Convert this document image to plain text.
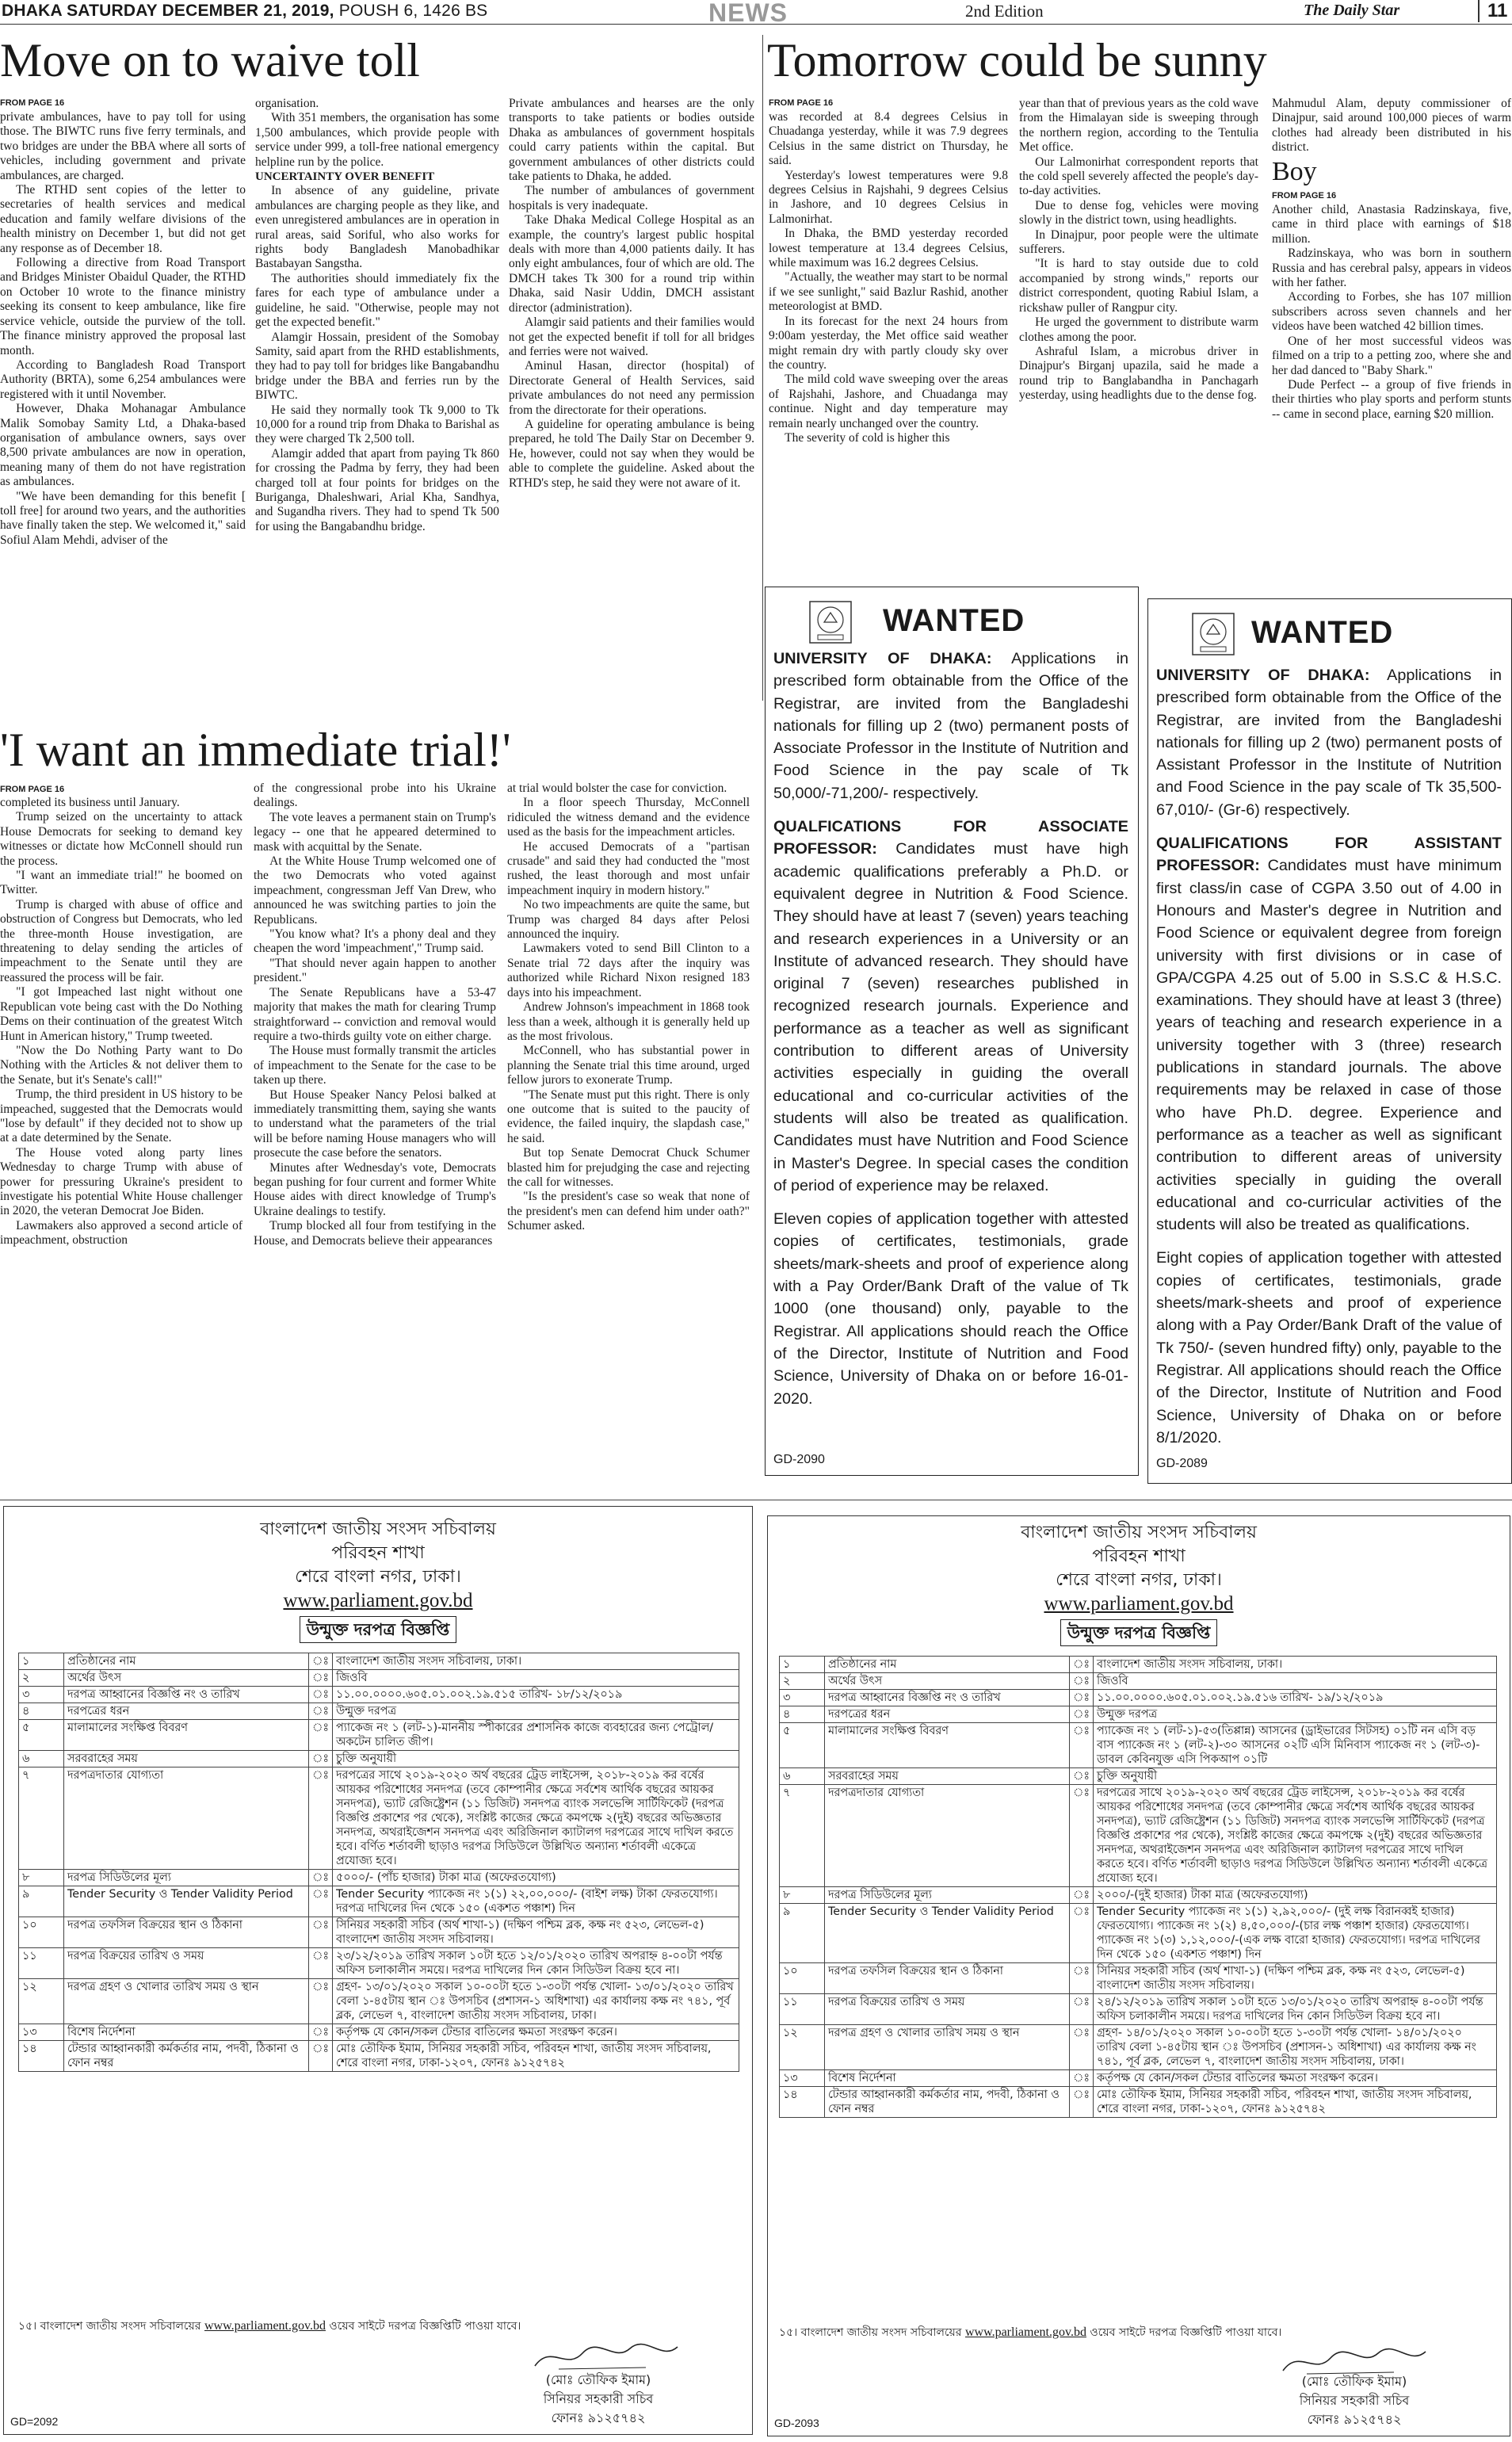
DHAKA SATURDAY DECEMBER 21, 2019, POUSH 6, 1426 BS	NEWS	2nd Edition	The Daily Star	11
Move on to waive toll
FROM PAGE 16

private ambulances, have to pay toll for using those. The BIWTC runs five ferry terminals, and two bridges are under the BBA where all sorts of vehicles, including government and private ambulances, are charged.

The RTHD sent copies of the letter to secretaries of health services and medical education and family welfare divisions of the health ministry on December 1, but did not get any response as of December 18.

Following a directive from Road Transport and Bridges Minister Obaidul Quader, the RTHD on October 10 wrote to the finance ministry seeking its consent to keep ambulance, like fire service vehicle, outside the purview of the toll. The finance ministry approved the proposal last month.

According to Bangladesh Road Transport Authority (BRTA), some 6,254 ambulances were registered with it until November.

However, Dhaka Mohanagar Ambulance Malik Somobay Samity Ltd, a Dhaka-based organisation of ambulance owners, says over 8,500 private ambulances are now in operation, meaning many of them do not have registration as ambulances.

"We have been demanding for this benefit [ toll free] for around two years, and the authorities have finally taken the step. We welcomed it," said Sofiul Alam Mehdi, adviser of the

organisation.

With 351 members, the organisation has some 1,500 ambulances, which provide people with service under 999, a toll-free national emergency helpline run by the police.

UNCERTAINTY OVER BENEFIT

In absence of any guideline, private ambulances are charging people as they like, and even unregistered ambulances are in operation in rural areas, said Soriful, who also works for rights body Bangladesh Manobadhikar Bastabayan Sangstha.

The authorities should immediately fix the fares for each type of ambulance under a guideline, he said. "Otherwise, people may not get the expected benefit."

Alamgir Hossain, president of the Somobay Samity, said apart from the RHD establishments, they had to pay toll for bridges like Bangabandhu bridge under the BBA and ferries run by the BIWTC.

He said they normally took Tk 9,000 to Tk 10,000 for a round trip from Dhaka to Barishal as they were charged Tk 2,500 toll.

Alamgir added that apart from paying Tk 860 for crossing the Padma by ferry, they had been charged toll at four points for bridges on the Buriganga, Dhaleshwari, Arial Kha, Sandhya, and Sugandha rivers. They had to spend Tk 500 for using the Bangabandhu bridge.

Private ambulances and hearses are the only transports to take patients or bodies outside Dhaka as ambulances of government hospitals could carry patients within the capital. But government ambulances of other districts could take patients to Dhaka, he added.

The number of ambulances of government hospitals is very inadequate.

Take Dhaka Medical College Hospital as an example, the country's largest public hospital deals with more than 4,000 patients daily. It has only eight ambulances, four of which are old. The DMCH takes Tk 300 for a round trip within Dhaka, said Nasir Uddin, DMCH assistant director (administration).

Alamgir said patients and their families would not get the expected benefit if toll for all bridges and ferries were not waived.

Aminul Hasan, director (hospital) of Directorate General of Health Services, said private ambulances do not need any permission from the directorate for their operations.

A guideline for operating ambulance is being prepared, he told The Daily Star on December 9. He, however, could not say when they would be able to complete the guideline. Asked about the RTHD's step, he said they were not aware of it.

Tomorrow could be sunny
FROM PAGE 16

was recorded at 8.4 degrees Celsius in Chuadanga yesterday, while it was 7.9 degrees Celsius in the same district on Thursday, he said.

Yesterday's lowest temperatures were 9.8 degrees Celsius in Rajshahi, 9 degrees Celsius in Jashore, and 10 degrees Celsius in Lalmonirhat.

In Dhaka, the BMD yesterday recorded lowest temperature at 13.4 degrees Celsius, while maximum was 16.2 degrees Celsius.

"Actually, the weather may start to be normal if we see sunlight," said Bazlur Rashid, another meteorologist at BMD.

In its forecast for the next 24 hours from 9:00am yesterday, the Met office said weather might remain dry with partly cloudy sky over the country.

The mild cold wave sweeping over the areas of Rajshahi, Jashore, and Chuadanga may continue. Night and day temperature may remain nearly unchanged over the country.

The severity of cold is higher this

year than that of previous years as the cold wave from the Himalayan side is sweeping through the northern region, according to the Tentulia Met office.

Our Lalmonirhat correspondent reports that the cold spell severely affected the people's day-to-day activities.

Due to dense fog, vehicles were moving slowly in the district town, using headlights.

In Dinajpur, poor people were the ultimate sufferers.

"It is hard to stay outside due to cold accompanied by strong winds," reports our district correspondent, quoting Rabiul Islam, a rickshaw puller of Rangpur city.

He urged the government to distribute warm clothes among the poor.

Ashraful Islam, a microbus driver in Dinajpur's Birganj upazila, said he made a round trip to Banglabandha in Panchagarh yesterday, using headlights due to the dense fog.

Mahmudul Alam, deputy commissioner of Dinajpur, said around 100,000 pieces of warm clothes had already been distributed in his district.

Boy
FROM PAGE 16

Another child, Anastasia Radzinskaya, five, came in third place with earnings of $18 million.

Radzinskaya, who was born in southern Russia and has cerebral palsy, appears in videos with her father.

According to Forbes, she has 107 million subscribers across seven channels and her videos have been watched 42 billion times.

One of her most successful videos was filmed on a trip to a petting zoo, where she and her dad danced to "Baby Shark."

Dude Perfect -- a group of five friends in their thirties who play sports and perform stunts -- came in second place, earning $20 million.

WANTED

UNIVERSITY OF DHAKA: Applications in prescribed form obtainable from the Office of the Registrar, are invited from the Bangladeshi nationals for filling up 2 (two) permanent posts of Associate Professor in the Institute of Nutrition and Food Science in the pay scale of Tk 50,000/-71,200/- respectively.

QUALFICATIONS FOR ASSOCIATE PROFESSOR: Candidates must have high academic qualifications preferably a Ph.D. or equivalent degree in Nutrition & Food Science. They should have at least 7 (seven) years teaching and research experiences in a University or an Institute of advanced research. They should have original 7 (seven) researches published in recognized research journals. Experience and performance as a teacher as well as significant contribution to different areas of University activities especially in guiding the overall educational and co-curricular activities of the students will also be treated as qualification. Candidates must have Nutrition and Food Science in Master's Degree. In special cases the condition of period of experience may be relaxed.

Eleven copies of application together with attested copies of certificates, testimonials, grade sheets/mark-sheets and proof of experience along with a Pay Order/Bank Draft of the value of Tk 1000 (one thousand) only, payable to the Registrar. All applications should reach the Office of the Director, Institute of Nutrition and Food Science, University of Dhaka on or before 16-01-2020.

GD-2090
WANTED

UNIVERSITY OF DHAKA: Applications in prescribed form obtainable from the Office of the Registrar, are invited from the Bangladeshi nationals for filling up 2 (two) permanent posts of Assistant Professor in the Institute of Nutrition and Food Science in the pay scale of Tk 35,500-67,010/- (Gr-6) respectively.

QUALIFICATIONS FOR ASSISTANT PROFESSOR: Candidates must have minimum first class/in case of CGPA 3.50 out of 4.00 in Honours and Master's degree in Nutrition and Food Science or equivalent degree from foreign university with first divisions or in case of GPA/CGPA 4.25 out of 5.00 in S.S.C & H.S.C. examinations. They should have at least 3 (three) years of teaching and research experience in a university together with 3 (three) research publications in standard journals. The above requirements may be relaxed in case of those who have Ph.D. degree. Experience and performance as a teacher as well as significant contribution to different areas of university activities specially in guiding the overall educational and co-curricular activities of the students will also be treated as qualifications.

Eight copies of application together with attested copies of certificates, testimonials, grade sheets/mark-sheets and proof of experience along with a Pay Order/Bank Draft of the value of Tk 750/- (seven hundred fifty) only, payable to the Registrar. All applications should reach the Office of the Director, Institute of Nutrition and Food Science, University of Dhaka on or before 8/1/2020.

GD-2089
'I want an immediate trial!'
FROM PAGE 16

completed its business until January.

Trump seized on the uncertainty to attack House Democrats for seeking to demand key witnesses or dictate how McConnell should run the process.

"I want an immediate trial!" he boomed on Twitter.

Trump is charged with abuse of office and obstruction of Congress but Democrats, who led the three-month House investigation, are threatening to delay sending the articles of impeachment to the Senate until they are reassured the process will be fair.

"I got Impeached last night without one Republican vote being cast with the Do Nothing Dems on their continuation of the greatest Witch Hunt in American history," Trump tweeted.

"Now the Do Nothing Party want to Do Nothing with the Articles & not deliver them to the Senate, but it's Senate's call!"

Trump, the third president in US history to be impeached, suggested that the Democrats would "lose by default" if they decided not to show up at a date determined by the Senate.

The House voted along party lines Wednesday to charge Trump with abuse of power for pressuring Ukraine's president to investigate his potential White House challenger in 2020, the veteran Democrat Joe Biden.

Lawmakers also approved a second article of impeachment, obstruction

of the congressional probe into his Ukraine dealings.

The vote leaves a permanent stain on Trump's legacy -- one that he appeared determined to mask with acquittal by the Senate.

At the White House Trump welcomed one of the two Democrats who voted against impeachment, congressman Jeff Van Drew, who announced he was switching parties to join the Republicans.

"You know what? It's a phony deal and they cheapen the word 'impeachment'," Trump said.

"That should never again happen to another president."

The Senate Republicans have a 53-47 majority that makes the math for clearing Trump straightforward -- conviction and removal would require a two-thirds guilty vote on either charge.

The House must formally transmit the articles of impeachment to the Senate for the case to be taken up there.

But House Speaker Nancy Pelosi balked at immediately transmitting them, saying she wants to understand what the parameters of the trial will be before naming House managers who will prosecute the case before the senators.

Minutes after Wednesday's vote, Democrats began pushing for four current and former White House aides with direct knowledge of Trump's Ukraine dealings to testify.

Trump blocked all four from testifying in the House, and Democrats believe their appearances

at trial would bolster the case for conviction.

In a floor speech Thursday, McConnell ridiculed the witness demand and the evidence used as the basis for the impeachment articles.

He accused Democrats of a "partisan crusade" and said they had conducted the "most rushed, the least thorough and most unfair impeachment inquiry in modern history."

No two impeachments are quite the same, but Trump was charged 84 days after Pelosi announced the inquiry.

Lawmakers voted to send Bill Clinton to a Senate trial 72 days after the inquiry was authorized while Richard Nixon resigned 183 days into his impeachment.

Andrew Johnson's impeachment in 1868 took less than a week, although it is generally held up as the most frivolous.

McConnell, who has substantial power in planning the Senate trial this time around, urged fellow jurors to exonerate Trump.

"The Senate must put this right. There is only one outcome that is suited to the paucity of evidence, the failed inquiry, the slapdash case," he said.

But top Senate Democrat Chuck Schumer blasted him for prejudging the case and rejecting the call for witnesses.

"Is the president's case so weak that none of the president's men can defend him under oath?" Schumer asked.

বাংলাদেশ জাতীয় সংসদ সচিবালয়
পরিবহন শাখা
শেরে বাংলা নগর, ঢাকা।
www.parliament.gov.bd
উন্মুক্ত দরপত্র বিজ্ঞপ্তি
১	প্রতিষ্ঠানের নাম	ঃ	বাংলাদেশ জাতীয় সংসদ সচিবালয়, ঢাকা।
২	অর্থের উৎস	ঃ	জিওবি
৩	দরপত্র আহ্বানের বিজ্ঞপ্তি নং ও তারিখ	ঃ	১১.০০.০০০০.৬০৫.০১.০০২.১৯.৫১৫ তারিখ- ১৮/১২/২০১৯
৪	দরপত্রের ধরন	ঃ	উন্মুক্ত দরপত্র
৫	মালামালের সংক্ষিপ্ত বিবরণ	ঃ	প্যাকেজ নং ১ (লট-১)-মাননীয় স্পীকারের প্রশাসনিক কাজে ব্যবহারের জন্য পেট্রোল/অকটেন চালিত জীপ।
৬	সরবরাহের সময়	ঃ	চুক্তি অনুযায়ী
৭	দরপত্রদাতার যোগ্যতা	ঃ	দরপত্রের সাথে ২০১৯-২০২০ অর্থ বছরের ট্রেড লাইসেন্স, ২০১৮-২০১৯ কর বর্ষের আয়কর পরিশোধের সনদপত্র (তবে কোম্পানীর ক্ষেত্রে সর্বশেষ আর্থিক বছরের আয়কর সনদপত্র), ভ্যাট রেজিষ্ট্রেশন (১১ ডিজিট) সনদপত্র ব্যাংক সলভেন্সি সার্টিফিকেট (দরপত্র বিজ্ঞপ্তি প্রকাশের পর থেকে), সংশ্লিষ্ট কাজের ক্ষেত্রে কমপক্ষে ২(দুই) বছরের অভিজ্ঞতার সনদপত্র, অথরাইজেশন সনদপত্র এবং অরিজিনাল ক্যাটালগ দরপত্রের সাথে দাখিল করতে হবে। বর্ণিত শর্তাবলী ছাড়াও দরপত্র সিডিউলে উল্লিখিত অন্যান্য শর্তাবলী একেত্রে প্রযোজ্য হবে।
৮	দরপত্র সিডিউলের মূল্য	ঃ	৫০০০/- (পাঁচ হাজার) টাকা মাত্র (অফেরতযোগ্য)
৯	Tender Security ও Tender Validity Period	ঃ	Tender Security প্যাকেজ নং ১(১) ২২,০০,০০০/- (বাইশ লক্ষ) টাকা ফেরতযোগ্য। দরপত্র দাখিলের দিন থেকে ১৫০ (একশত পঞ্চাশ) দিন
১০	দরপত্র তফসিল বিক্রয়ের স্থান ও ঠিকানা	ঃ	সিনিয়র সহকারী সচিব (অর্থ শাখা-১) (দক্ষিণ পশ্চিম ব্লক, কক্ষ নং ৫২৩, লেভেল-৫) বাংলাদেশ জাতীয় সংসদ সচিবালয়।
১১	দরপত্র বিক্রয়ের তারিখ ও সময়	ঃ	২৩/১২/২০১৯ তারিখ সকাল ১০টা হতে ১২/০১/২০২০ তারিখ অপরাহ্ন ৪-০০টা পর্যন্ত অফিস চলাকালীন সময়ে। দরপত্র দাখিলের দিন কোন সিডিউল বিক্রয় হবে না।
১২	দরপত্র গ্রহণ ও খোলার তারিখ সময় ও স্থান	ঃ	গ্রহণ- ১৩/০১/২০২০ সকাল ১০-০০টা হতে ১-৩০টা পর্যন্ত খোলা- ১৩/০১/২০২০ তারিখ বেলা ১-৪৫টায় স্থান ঃ উপসচিব (প্রশাসন-১ অধিশাখা) এর কার্যালয় কক্ষ নং ৭৪১, পূর্ব ব্লক, লেভেল ৭, বাংলাদেশ জাতীয় সংসদ সচিবালয়, ঢাকা।
১৩	বিশেষ নির্দেশনা	ঃ	কর্তৃপক্ষ যে কোন/সকল টেন্ডার বাতিলের ক্ষমতা সংরক্ষণ করেন।
১৪	টেন্ডার আহ্বানকারী কর্মকর্তার নাম, পদবী, ঠিকানা ও ফোন নম্বর	ঃ	মোঃ তৌফিক ইমাম, সিনিয়র সহকারী সচিব, পরিবহন শাখা, জাতীয় সংসদ সচিবালয়, শেরে বাংলা নগর, ঢাকা-১২০৭, ফোনঃ ৯১২৫৭৪২
১৫। বাংলাদেশ জাতীয় সংসদ সচিবালয়ের www.parliament.gov.bd ওয়েব সাইটে দরপত্র বিজ্ঞপ্তিটি পাওয়া যাবে।
(মোঃ তৌফিক ইমাম)
সিনিয়র সহকারী সচিব
ফোনঃ ৯১২৫৭৪২
GD=2092
বাংলাদেশ জাতীয় সংসদ সচিবালয়
পরিবহন শাখা
শেরে বাংলা নগর, ঢাকা।
www.parliament.gov.bd
উন্মুক্ত দরপত্র বিজ্ঞপ্তি
১	প্রতিষ্ঠানের নাম	ঃ	বাংলাদেশ জাতীয় সংসদ সচিবালয়, ঢাকা।
২	অর্থের উৎস	ঃ	জিওবি
৩	দরপত্র আহ্বানের বিজ্ঞপ্তি নং ও তারিখ	ঃ	১১.০০.০০০০.৬০৫.০১.০০২.১৯.৫১৬ তারিখ- ১৯/১২/২০১৯
৪	দরপত্রের ধরন	ঃ	উন্মুক্ত দরপত্র
৫	মালামালের সংক্ষিপ্ত বিবরণ	ঃ	প্যাকেজ নং ১ (লট-১)-৫৩(তিপ্পান্ন) আসনের (ড্রাইভারের সিটসহ) ০১টি নন এসি বড় বাস প্যাকেজ নং ১ (লট-২)-৩০ আসনের ০২টি এসি মিনিবাস প্যাকেজ নং ১ (লট-৩)-ডাবল কেবিনযুক্ত এসি পিকআপ ০১টি
৬	সরবরাহের সময়	ঃ	চুক্তি অনুযায়ী
৭	দরপত্রদাতার যোগ্যতা	ঃ	দরপত্রের সাথে ২০১৯-২০২০ অর্থ বছরের ট্রেড লাইসেন্স, ২০১৮-২০১৯ কর বর্ষের আয়কর পরিশোধের সনদপত্র (তবে কোম্পানীর ক্ষেত্রে সর্বশেষ আর্থিক বছরের আয়কর সনদপত্র), ভ্যাট রেজিষ্ট্রেশন (১১ ডিজিট) সনদপত্র ব্যাংক সলভেন্সি সার্টিফিকেট (দরপত্র বিজ্ঞপ্তি প্রকাশের পর থেকে), সংশ্লিষ্ট কাজের ক্ষেত্রে কমপক্ষে ২(দুই) বছরের অভিজ্ঞতার সনদপত্র, অথরাইজেশন সনদপত্র এবং অরিজিনাল ক্যাটালগ দরপত্রের সাথে দাখিল করতে হবে। বর্ণিত শর্তাবলী ছাড়াও দরপত্র সিডিউলে উল্লিখিত অন্যান্য শর্তাবলী একেত্রে প্রযোজ্য হবে।
৮	দরপত্র সিডিউলের মূল্য	ঃ	২০০০/-(দুই হাজার) টাকা মাত্র (অফেরতযোগ্য)
৯	Tender Security ও Tender Validity Period	ঃ	Tender Security প্যাকেজ নং ১(১) ২,৯২,০০০/- (দুই লক্ষ বিরানব্বই হাজার) ফেরতযোগ্য। প্যাকেজ নং ১(২) ৪,৫০,০০০/-(চার লক্ষ পঞ্চাশ হাজার) ফেরতযোগ্য। প্যাকেজ নং ১(৩) ১,১২,০০০/-(এক লক্ষ বারো হাজার) ফেরতযোগ্য। দরপত্র দাখিলের দিন থেকে ১৫০ (একশত পঞ্চাশ) দিন
১০	দরপত্র তফসিল বিক্রয়ের স্থান ও ঠিকানা	ঃ	সিনিয়র সহকারী সচিব (অর্থ শাখা-১) (দক্ষিণ পশ্চিম ব্লক, কক্ষ নং ৫২৩, লেভেল-৫) বাংলাদেশ জাতীয় সংসদ সচিবালয়।
১১	দরপত্র বিক্রয়ের তারিখ ও সময়	ঃ	২৪/১২/২০১৯ তারিখ সকাল ১০টা হতে ১৩/০১/২০২০ তারিখ অপরাহ্ন ৪-০০টা পর্যন্ত অফিস চলাকালীন সময়ে। দরপত্র দাখিলের দিন কোন সিডিউল বিক্রয় হবে না।
১২	দরপত্র গ্রহণ ও খোলার তারিখ সময় ও স্থান	ঃ	গ্রহণ- ১৪/০১/২০২০ সকাল ১০-০০টা হতে ১-৩০টা পর্যন্ত খোলা- ১৪/০১/২০২০ তারিখ বেলা ১-৪৫টায় স্থান ঃ উপসচিব (প্রশাসন-১ অধিশাখা) এর কার্যালয় কক্ষ নং ৭৪১, পূর্ব ব্লক, লেভেল ৭, বাংলাদেশ জাতীয় সংসদ সচিবালয়, ঢাকা।
১৩	বিশেষ নির্দেশনা	ঃ	কর্তৃপক্ষ যে কোন/সকল টেন্ডার বাতিলের ক্ষমতা সংরক্ষণ করেন।
১৪	টেন্ডার আহ্বানকারী কর্মকর্তার নাম, পদবী, ঠিকানা ও ফোন নম্বর	ঃ	মোঃ তৌফিক ইমাম, সিনিয়র সহকারী সচিব, পরিবহন শাখা, জাতীয় সংসদ সচিবালয়, শেরে বাংলা নগর, ঢাকা-১২০৭, ফোনঃ ৯১২৫৭৪২
১৫। বাংলাদেশ জাতীয় সংসদ সচিবালয়ের www.parliament.gov.bd ওয়েব সাইটে দরপত্র বিজ্ঞপ্তিটি পাওয়া যাবে।
(মোঃ তৌফিক ইমাম)
সিনিয়র সহকারী সচিব
ফোনঃ ৯১২৫৭৪২
GD-2093
